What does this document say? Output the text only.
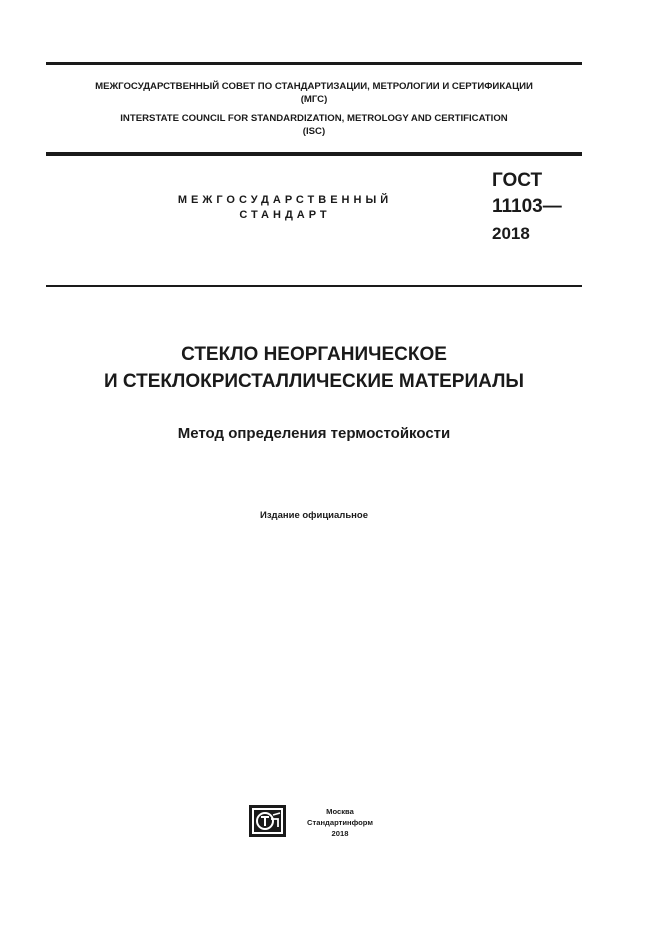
МЕЖГОСУДАРСТВЕННЫЙ СОВЕТ ПО СТАНДАРТИЗАЦИИ, МЕТРОЛОГИИ И СЕРТИФИКАЦИИ
(МГС)
INTERSTATE COUNCIL FOR STANDARDIZATION, METROLOGY AND CERTIFICATION
(ISC)
МЕЖГОСУДАРСТВЕННЫЙ
СТАНДАРТ
ГОСТ
11103—
2018
СТЕКЛО НЕОРГАНИЧЕСКОЕ
И СТЕКЛОКРИСТАЛЛИЧЕСКИЕ МАТЕРИАЛЫ
Метод определения термостойкости
Издание официальное
Москва
Стандартинформ
2018
